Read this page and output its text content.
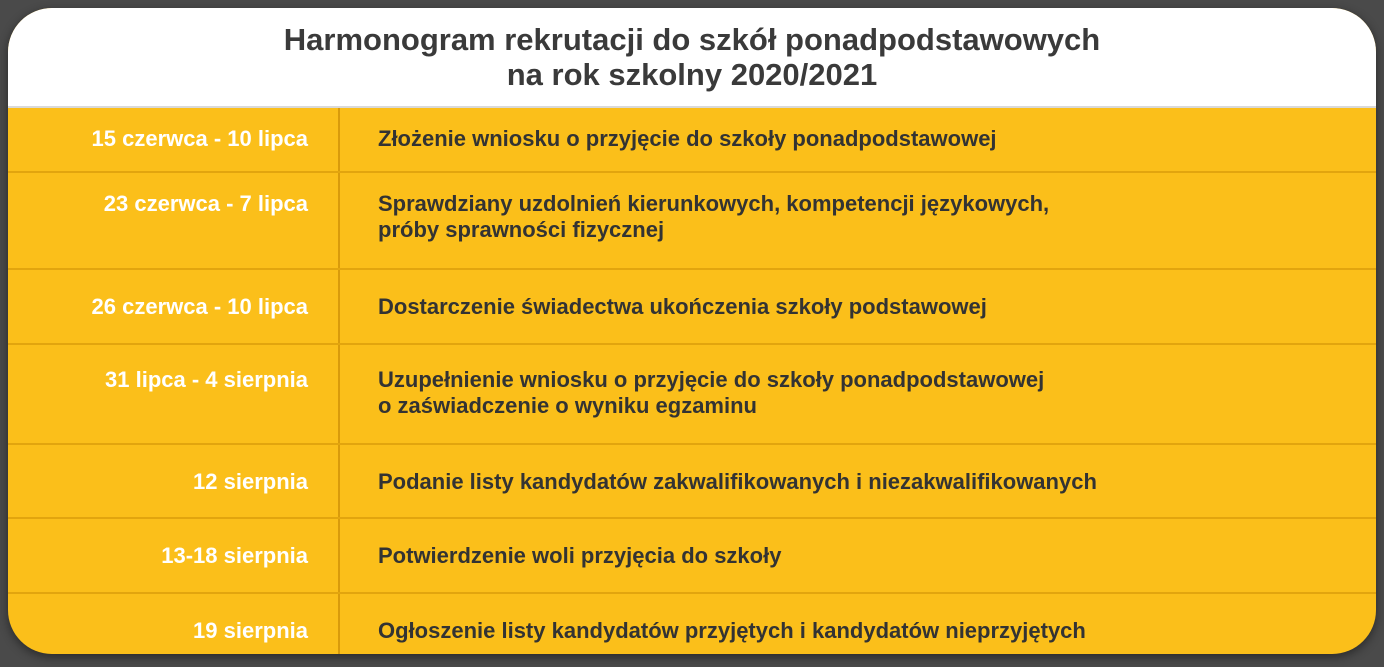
Harmonogram rekrutacji do szkół ponadpodstawowych
na rok szkolny 2020/2021
15 czerwca - 10 lipca	Złożenie wniosku o przyjęcie do szkoły ponadpodstawowej
23 czerwca - 7 lipca	Sprawdziany uzdolnień kierunkowych, kompetencji językowych,
próby sprawności fizycznej
26 czerwca - 10 lipca	Dostarczenie świadectwa ukończenia szkoły podstawowej
31 lipca - 4 sierpnia	Uzupełnienie wniosku o przyjęcie do szkoły ponadpodstawowej
o zaświadczenie o wyniku egzaminu
12 sierpnia	Podanie listy kandydatów zakwalifikowanych i niezakwalifikowanych
13-18 sierpnia	Potwierdzenie woli przyjęcia do szkoły
19 sierpnia	Ogłoszenie listy kandydatów przyjętych i kandydatów nieprzyjętych
